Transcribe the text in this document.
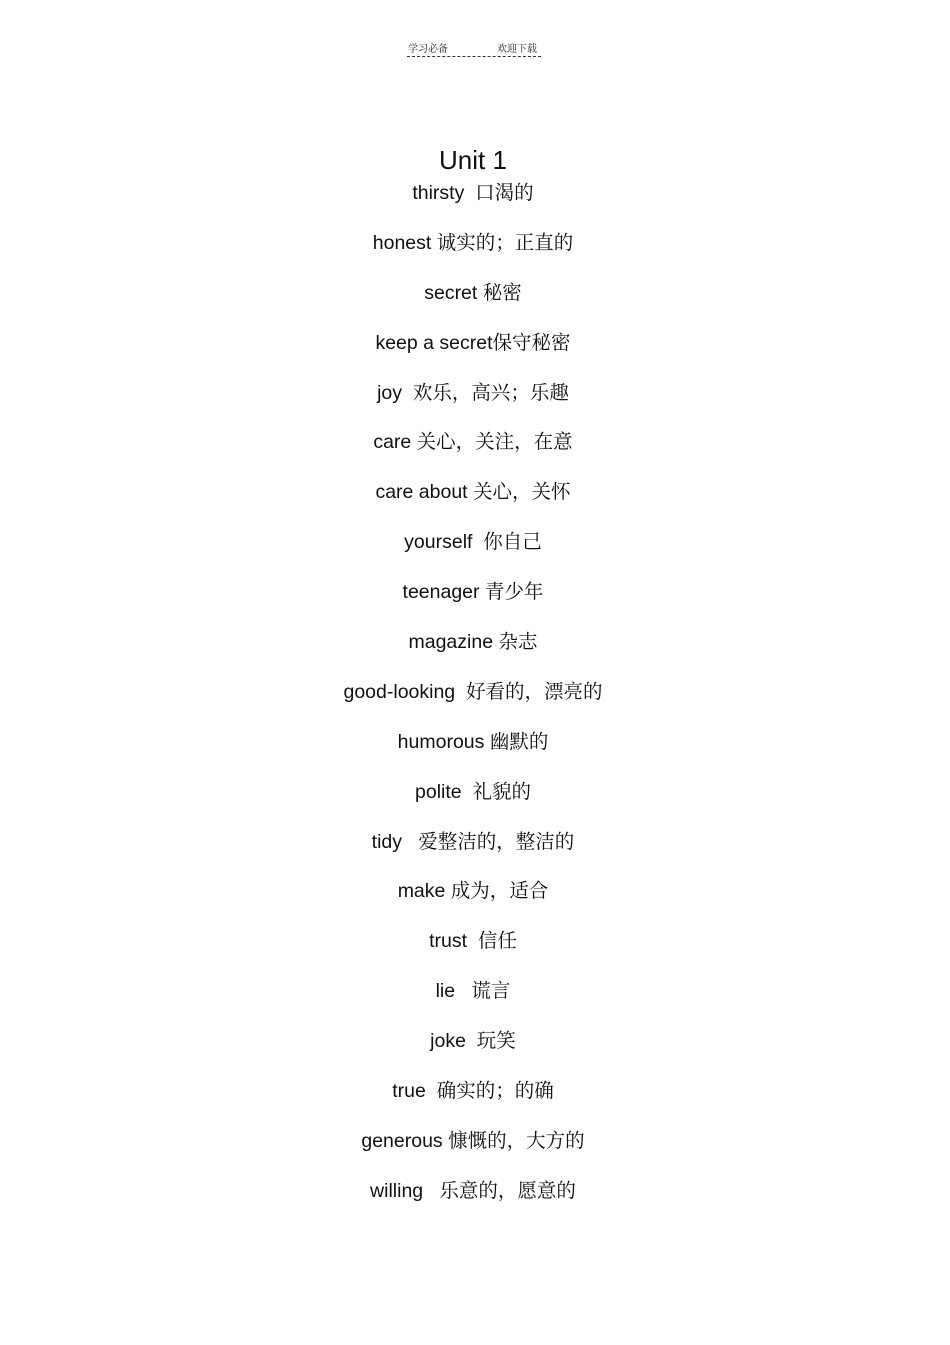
学习必备	欢迎下载
Unit 1
thirsty 口渴的
honest 诚实的；正直的
secret 秘密
keep a secret保守秘密
joy 欢乐，高兴；乐趣
care 关心，关注，在意
care about 关心，关怀
yourself 你自己
teenager 青少年
magazine 杂志
good-looking 好看的，漂亮的
humorous 幽默的
polite 礼貌的
tidy 爱整洁的，整洁的
make 成为，适合
trust 信任
lie 谎言
joke 玩笑
true 确实的；的确
generous 慷慨的，大方的
willing 乐意的，愿意的
